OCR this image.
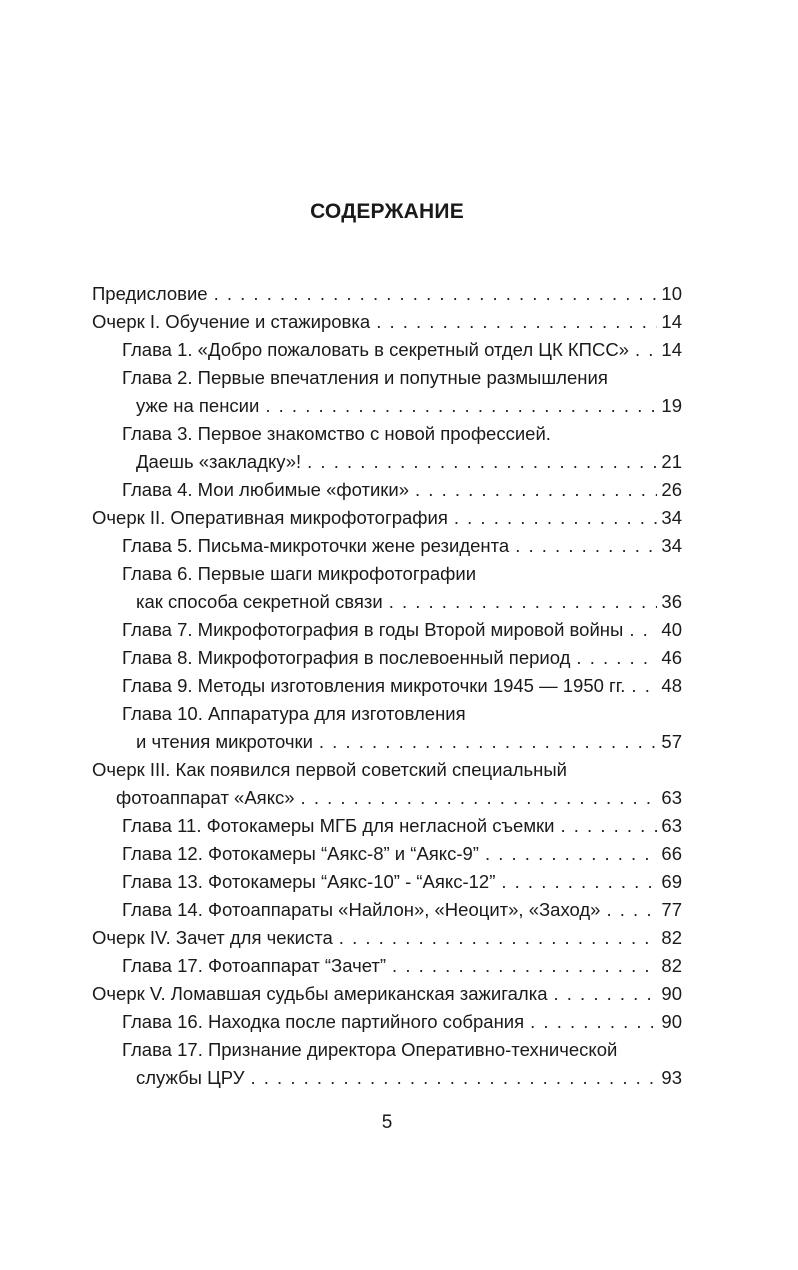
СОДЕРЖАНИЕ
Предисловие . . .	10
Очерк I. Обучение и стажировка . . .	14
Глава 1. «Добро пожаловать в секретный отдел ЦК КПСС» . . . 14
Глава 2. Первые впечатления и попутные размышления
уже на пенсии . . .	19
Глава 3. Первое знакомство с новой профессией.
Даешь «закладку»! . . .	21
Глава 4. Мои любимые «фотики» . . .	26
Очерк II. Оперативная микрофотография . . .	34
Глава 5. Письма-микроточки жене резидента . . .	34
Глава 6. Первые шаги микрофотографии
как способа секретной связи . . .	36
Глава 7. Микрофотография в годы Второй мировой войны . . . 40
Глава 8. Микрофотография в послевоенный период . . .	46
Глава 9. Методы изготовления микроточки 1945 — 1950 гг. . . . 48
Глава 10. Аппаратура для изготовления
и чтения микроточки . . .	57
Очерк III. Как появился первой советский специальный
фотоаппарат «Аякс» . . .	63
Глава 11. Фотокамеры МГБ для негласной съемки . . .	63
Глава 12. Фотокамеры “Аякс-8” и “Аякс-9” . . .	66
Глава 13. Фотокамеры “Аякс-10” - “Аякс-12” . . .	69
Глава 14. Фотоаппараты «Найлон», «Неоцит», «Заход» . . .	77
Очерк IV. Зачет для чекиста . . .	82
Глава 17. Фотоаппарат “Зачет” . . .	82
Очерк V. Ломавшая судьбы американская зажигалка . . .	90
Глава 16. Находка после партийного собрания . . .	90
Глава 17. Признание директора Оперативно-технической
службы ЦРУ . . .	93
5
